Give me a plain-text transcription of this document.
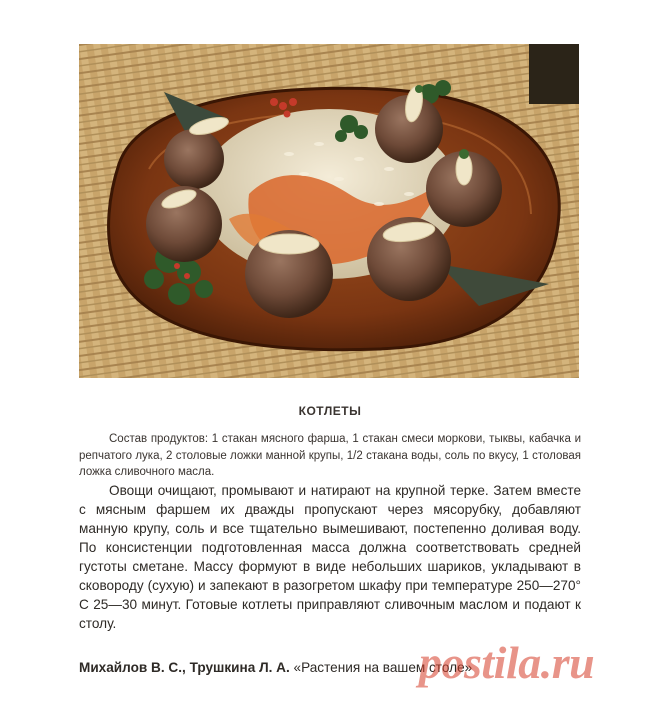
КОТЛЕТЫ

Состав продуктов: 1 стакан мясного фарша, 1 стакан смеси моркови, тыквы, кабачка и репчатого лука, 2 столовые ложки манной крупы, 1/2 стакана воды, соль по вкусу, 1 столовая ложка сливочного масла.

Овощи очищают, промывают и натирают на крупной терке. Затем вместе с мясным фаршем их дважды пропускают через мясорубку, добавляют манную крупу, соль и все тщательно вымешивают, постепенно доливая воду. По консистенции подготовленная масса должна соответствовать средней густоты сметане. Массу формуют в виде небольших шариков, укладывают в сковороду (сухую) и запекают в разогретом шкафу при температуре 250—270° С 25—30 минут. Готовые котлеты приправляют сливочным маслом и подают к столу.

Михайлов В. С., Трушкина Л. А. «Растения на вашем столе»
postila.ru
